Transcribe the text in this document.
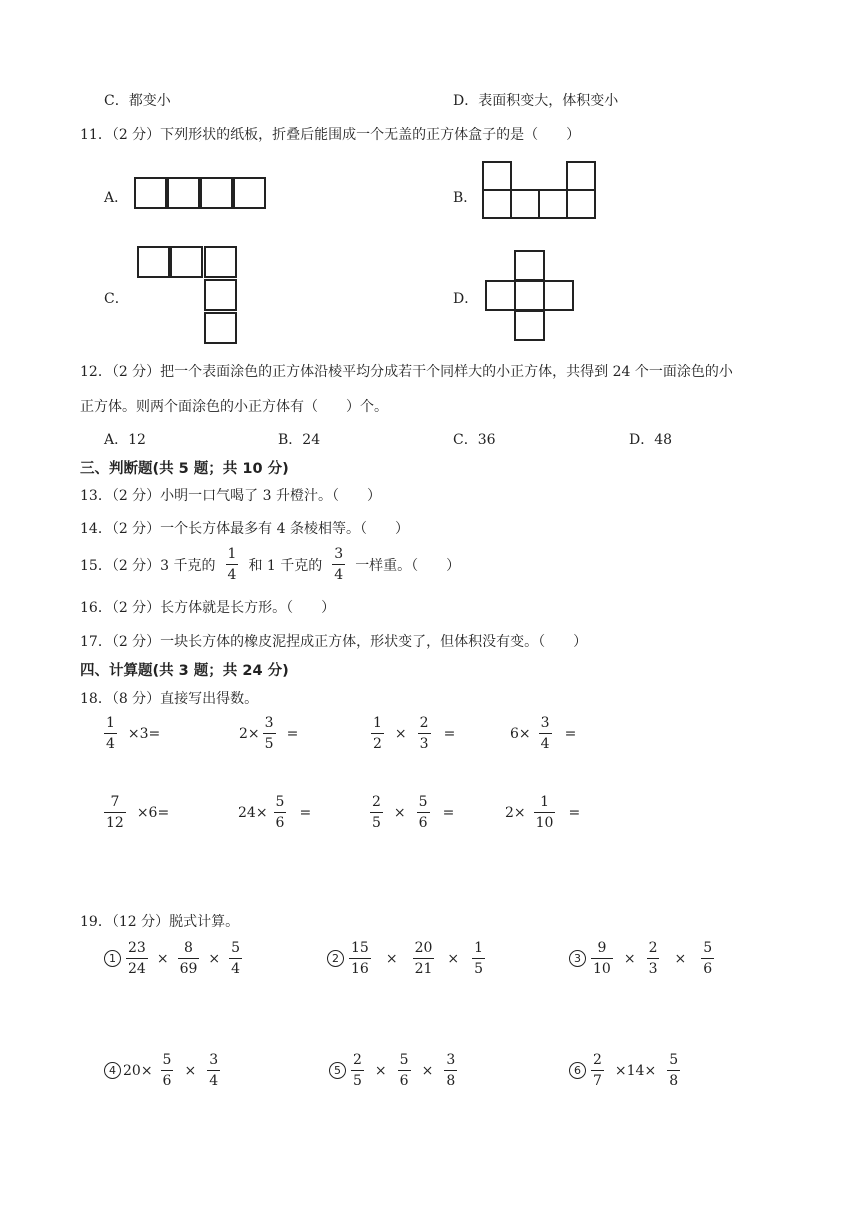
C．都变小	D．表面积变大，体积变小
11．（2 分）下列形状的纸板，折叠后能围成一个无盖的正方体盒子的是（　　）
A．	B．
C．	D．
12．（2 分）把一个表面涂色的正方体沿棱平均分成若干个同样大的小正方体，共得到 24 个一面涂色的小
正方体。则两个面涂色的小正方体有（　　）个。
A．12	B．24	C．36	D．48
三、判断题(共 5 题；共 10 分)
13．（2 分）小明一口气喝了 3 升橙汁。（　　）
14．（2 分）一个长方体最多有 4 条棱相等。（　　）
15．（2 分）3 千克的 $\frac{1}{4}$ 和 1 千克的 $\frac{3}{4}$ 一样重。（　　）
16．（2 分）长方体就是长方形。（　　）
17．（2 分）一块长方体的橡皮泥捏成正方体，形状变了，但体积没有变。（　　）
四、计算题(共 3 题；共 24 分)
18．（8 分）直接写出得数。
$\frac{1}{4} \times 3=$	$2\times \frac{3}{5}$ =	$\frac{1}{2} \times \frac{2}{3}$ =	$6\times \frac{3}{4}$ =
$\frac{7}{12} \times 6=$	$24\times \frac{5}{6}$ =	$\frac{2}{5} \times \frac{5}{6}$ =	$2\times \frac{1}{10}$ =
19．（12 分）脱式计算。
$1 \frac{23}{24} \times \frac{8}{69} \times \frac{5}{4}$	$2 \frac{15}{16} \times \frac{20}{21} \times \frac{1}{5}$	$3 \frac{9}{10} \times \frac{2}{3} \times \frac{5}{6}$
4 $20\times \frac{5}{6} \times \frac{3}{4}$	$5 \frac{2}{5} \times \frac{5}{6} \times \frac{3}{8}$	$6 \frac{2}{7} \times 14\times \frac{5}{8}$
